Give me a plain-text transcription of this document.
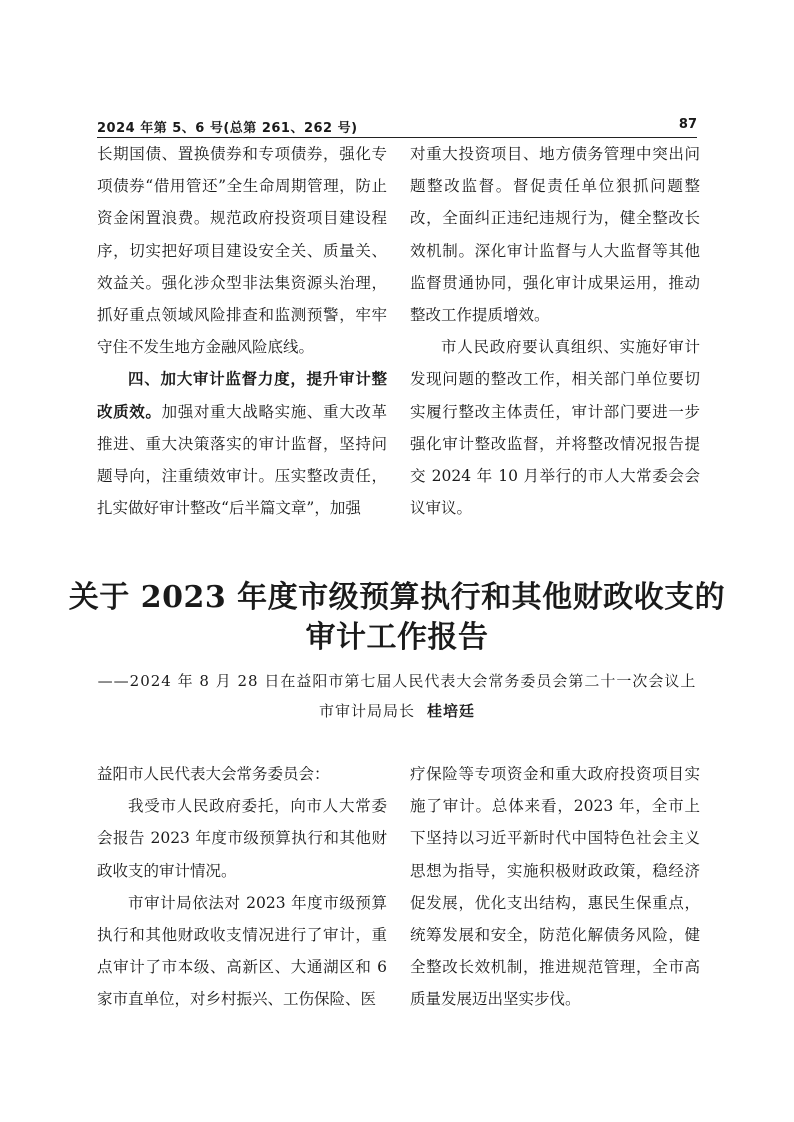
2024 年第 5、6 号(总第 261、262 号)	87

长期国债、置换债券和专项债券，强化专项债券“借用管还”全生命周期管理，防止资金闲置浪费。规范政府投资项目建设程序，切实把好项目建设安全关、质量关、效益关。强化涉众型非法集资源头治理，抓好重点领域风险排查和监测预警，牢牢守住不发生地方金融风险底线。

四、加大审计监督力度，提升审计整改质效。加强对重大战略实施、重大改革推进、重大决策落实的审计监督，坚持问题导向，注重绩效审计。压实整改责任，扎实做好审计整改“后半篇文章”，加强

对重大投资项目、地方债务管理中突出问题整改监督。督促责任单位狠抓问题整改，全面纠正违纪违规行为，健全整改长效机制。深化审计监督与人大监督等其他监督贯通协同，强化审计成果运用，推动整改工作提质增效。

市人民政府要认真组织、实施好审计发现问题的整改工作，相关部门单位要切实履行整改主体责任，审计部门要进一步强化审计整改监督，并将整改情况报告提交 2024 年 10 月举行的市人大常委会会议审议。

关于 2023 年度市级预算执行和其他财政收支的

审计工作报告

——2024 年 8 月 28 日在益阳市第七届人民代表大会常务委员会第二十一次会议上

市审计局局长 桂培廷

益阳市人民代表大会常务委员会：

我受市人民政府委托，向市人大常委会报告 2023 年度市级预算执行和其他财政收支的审计情况。

市审计局依法对 2023 年度市级预算执行和其他财政收支情况进行了审计，重点审计了市本级、高新区、大通湖区和 6 家市直单位，对乡村振兴、工伤保险、医

疗保险等专项资金和重大政府投资项目实施了审计。总体来看，2023 年，全市上下坚持以习近平新时代中国特色社会主义思想为指导，实施积极财政政策，稳经济促发展，优化支出结构，惠民生保重点，统筹发展和安全，防范化解债务风险，健全整改长效机制，推进规范管理，全市高质量发展迈出坚实步伐。
